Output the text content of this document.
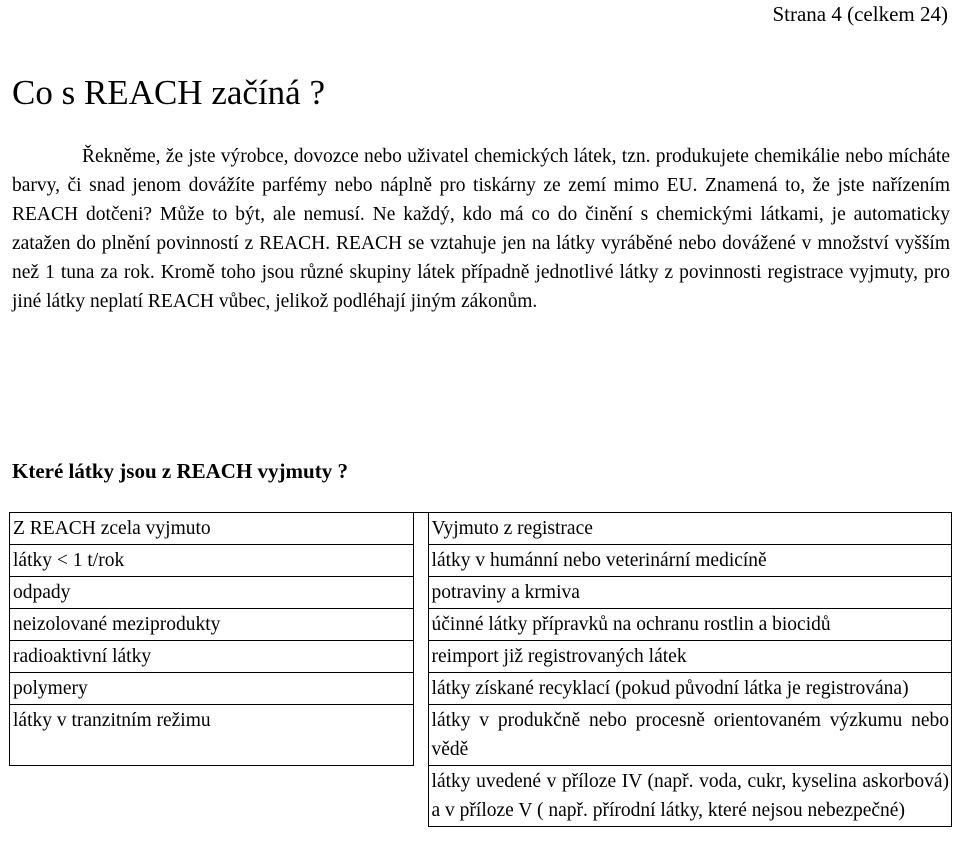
Strana 4 (celkem 24)
Co s REACH začíná ?

Řekněme, že jste výrobce, dovozce nebo uživatel chemických látek, tzn. produkujete chemikálie nebo mícháte barvy, či snad jenom dovážíte parfémy nebo náplně pro tiskárny ze zemí mimo EU. Znamená to, že jste nařízením REACH dotčeni? Může to být, ale nemusí. Ne každý, kdo má co do činění s chemickými látkami, je automaticky zatažen do plnění povinností z REACH. REACH se vztahuje jen na látky vyráběné nebo dovážené v množství vyšším než 1 tuna za rok. Kromě toho jsou různé skupiny látek případně jednotlivé látky z povinnosti registrace vyjmuty, pro jiné látky neplatí REACH vůbec, jelikož podléhají jiným zákonům.

Které látky jsou z REACH vyjmuty ?
Z REACH zcela vyjmuto		Vyjmuto z registrace
látky < 1 t/rok		látky v humánní nebo veterinární medicíně
odpady		potraviny a krmiva
neizolované meziprodukty		účinné látky přípravků na ochranu rostlin a biocidů
radioaktivní látky		reimport již registrovaných látek
polymery		látky získané recyklací (pokud původní látka je registrována)
látky v tranzitním režimu		látky v produkčně nebo procesně orientovaném výzkumu nebo vědě
		látky uvedené v příloze IV (např. voda, cukr, kyselina askorbová) a v příloze V ( např. přírodní látky, které nejsou nebezpečné)
